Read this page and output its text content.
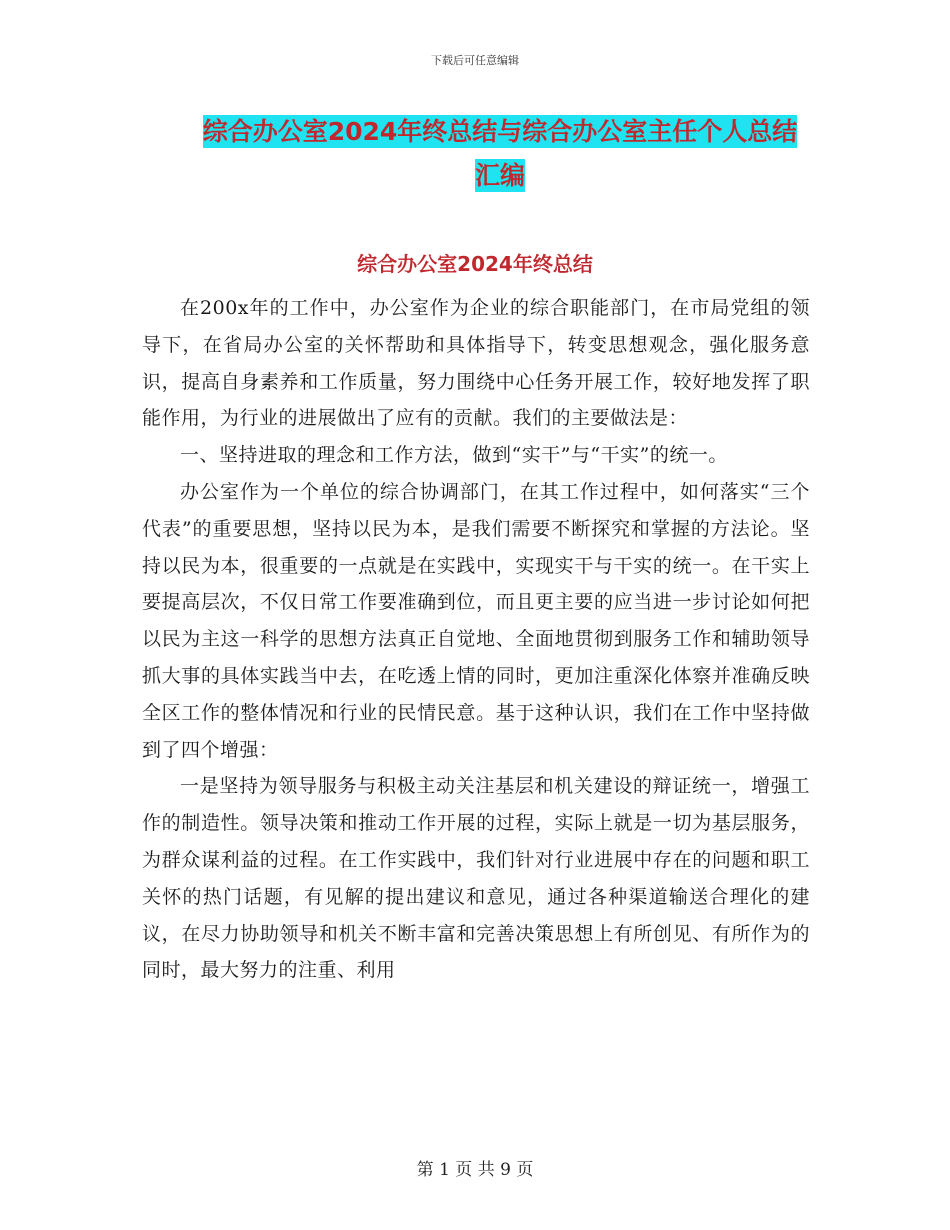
下载后可任意编辑
综合办公室2024年终总结与综合办公室主任个人总结
汇编
综合办公室2024年终总结

在200x年的工作中，办公室作为企业的综合职能部门，在市局党组的领导下，在省局办公室的关怀帮助和具体指导下，转变思想观念，强化服务意识，提高自身素养和工作质量，努力围绕中心任务开展工作，较好地发挥了职能作用，为行业的进展做出了应有的贡献。我们的主要做法是：

一、坚持进取的理念和工作方法，做到“实干”与“干实”的统一。

办公室作为一个单位的综合协调部门，在其工作过程中，如何落实“三个代表”的重要思想，坚持以民为本，是我们需要不断探究和掌握的方法论。坚持以民为本，很重要的一点就是在实践中，实现实干与干实的统一。在干实上要提高层次，不仅日常工作要准确到位，而且更主要的应当进一步讨论如何把以民为主这一科学的思想方法真正自觉地、全面地贯彻到服务工作和辅助领导抓大事的具体实践当中去，在吃透上情的同时，更加注重深化体察并准确反映全区工作的整体情况和行业的民情民意。基于这种认识，我们在工作中坚持做到了四个增强：

一是坚持为领导服务与积极主动关注基层和机关建设的辩证统一，增强工作的制造性。领导决策和推动工作开展的过程，实际上就是一切为基层服务，为群众谋利益的过程。在工作实践中，我们针对行业进展中存在的问题和职工关怀的热门话题，有见解的提出建议和意见，通过各种渠道输送合理化的建议，在尽力协助领导和机关不断丰富和完善决策思想上有所创见、有所作为的同时，最大努力的注重、利用

第 1 页 共 9 页
